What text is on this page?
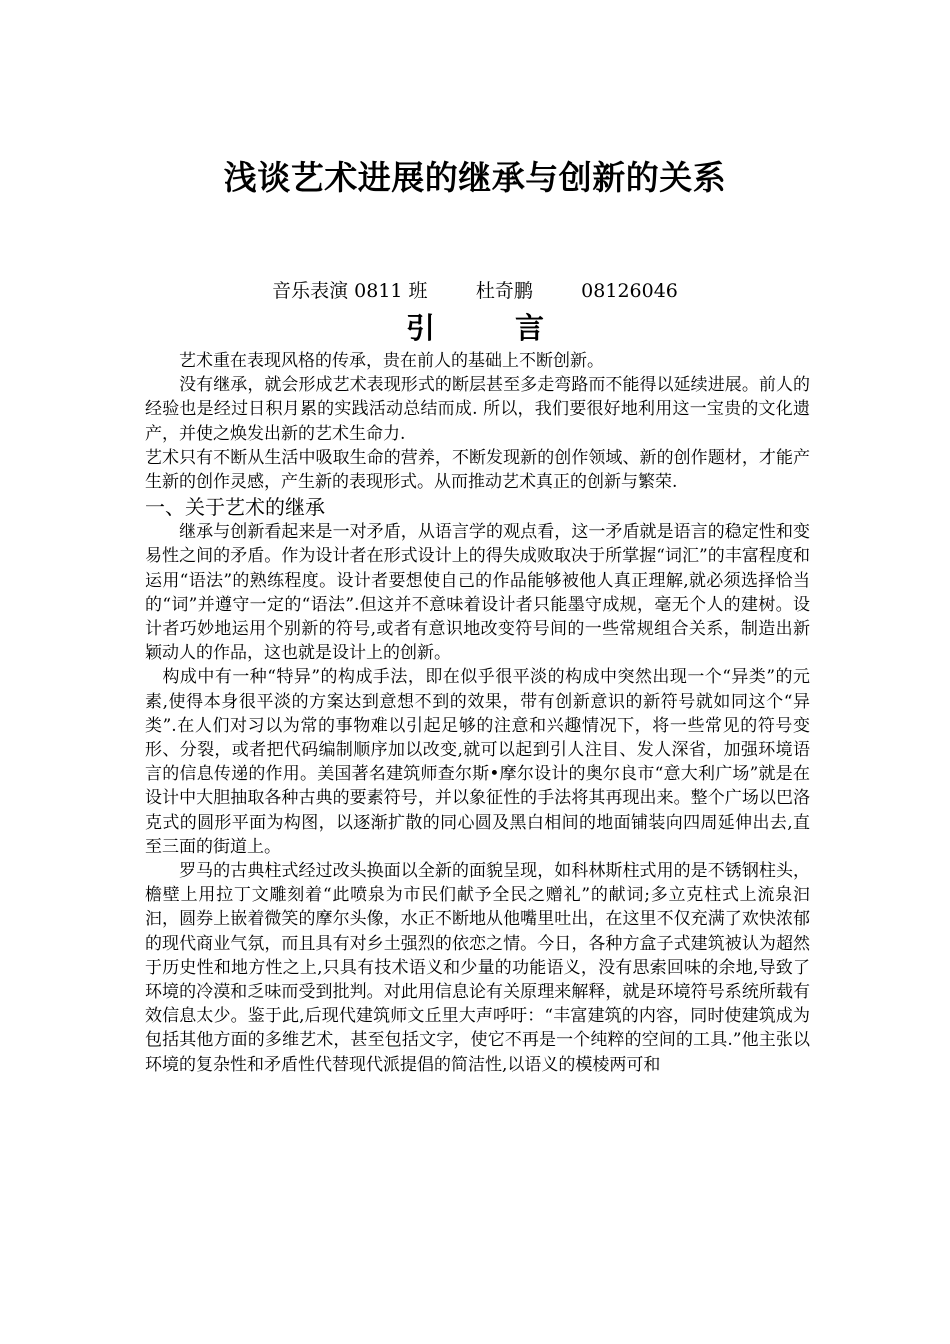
浅谈艺术进展的继承与创新的关系
音乐表演 0811 班        杜奇鹏        08126046
引言

　　艺术重在表现风格的传承，贵在前人的基础上不断创新。

　　没有继承，就会形成艺术表现形式的断层甚至多走弯路而不能得以延续进展。前人的经验也是经过日积月累的实践活动总结而成. 所以，我们要很好地利用这一宝贵的文化遗产，并使之焕发出新的艺术生命力.

艺术只有不断从生活中吸取生命的营养，不断发现新的创作领域、新的创作题材，才能产生新的创作灵感，产生新的表现形式。从而推动艺术真正的创新与繁荣.

一、关于艺术的继承

　　继承与创新看起来是一对矛盾，从语言学的观点看，这一矛盾就是语言的稳定性和变易性之间的矛盾。作为设计者在形式设计上的得失成败取决于所掌握“词汇”的丰富程度和运用“语法”的熟练程度。设计者要想使自己的作品能够被他人真正理解,就必须选择恰当的“词”并遵守一定的“语法”.但这并不意味着设计者只能墨守成规，毫无个人的建树。设计者巧妙地运用个别新的符号,或者有意识地改变符号间的一些常规组合关系，制造出新颖动人的作品，这也就是设计上的创新。

　构成中有一种“特异”的构成手法，即在似乎很平淡的构成中突然出现一个“异类”的元素,使得本身很平淡的方案达到意想不到的效果，带有创新意识的新符号就如同这个“异类”.在人们对习以为常的事物难以引起足够的注意和兴趣情况下，将一些常见的符号变形、分裂，或者把代码编制顺序加以改变,就可以起到引人注目、发人深省，加强环境语言的信息传递的作用。美国著名建筑师查尔斯•摩尔设计的奥尔良市“意大利广场”就是在设计中大胆抽取各种古典的要素符号，并以象征性的手法将其再现出来。整个广场以巴洛克式的圆形平面为构图，以逐渐扩散的同心圆及黑白相间的地面铺装向四周延伸出去,直至三面的街道上。

　　罗马的古典柱式经过改头换面以全新的面貌呈现，如科林斯柱式用的是不锈钢柱头，檐壁上用拉丁文雕刻着“此喷泉为市民们献予全民之赠礼”的献词;多立克柱式上流泉汩汩，圆券上嵌着微笑的摩尔头像，水正不断地从他嘴里吐出，在这里不仅充满了欢快浓郁的现代商业气氛，而且具有对乡土强烈的依恋之情。今日，各种方盒子式建筑被认为超然于历史性和地方性之上,只具有技术语义和少量的功能语义，没有思索回味的余地,导致了环境的冷漠和乏味而受到批判。对此用信息论有关原理来解释，就是环境符号系统所载有效信息太少。鉴于此,后现代建筑师文丘里大声呼吁：“丰富建筑的内容，同时使建筑成为包括其他方面的多维艺术，甚至包括文字，使它不再是一个纯粹的空间的工具.”他主张以环境的复杂性和矛盾性代替现代派提倡的简洁性,以语义的模棱两可和
